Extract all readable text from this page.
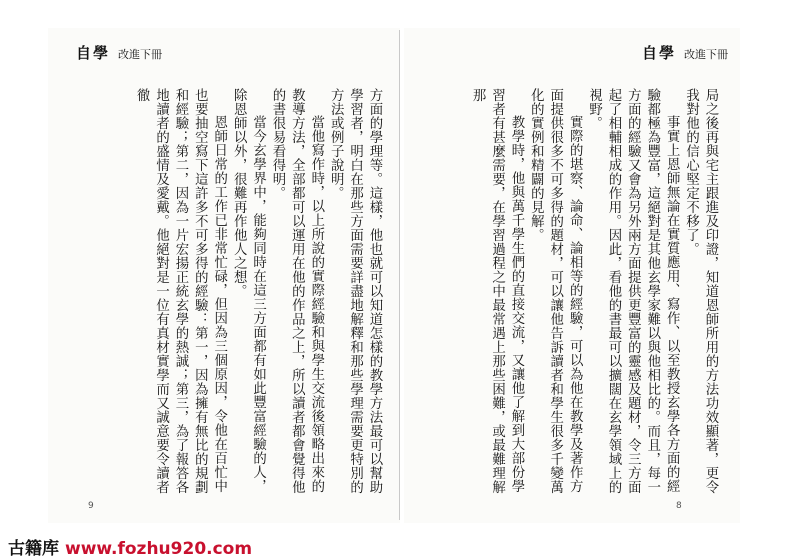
自學 改進下冊

方面的學理等。這樣，他也就可以知道怎樣的教學方法最可以幫助學習者，明白在那些方面需要詳盡地解釋和那些學理需要更特別的方法或例子說明。

當他寫作時，以上所說的實際經驗和與學生交流後領略出來的教導方法，全部都可以運用在他的作品之上，所以讀者都會覺得他的書很易看得明。

當今玄學界中，能夠同時在這三方面都有如此豐富經驗的人，除恩師以外，很難再作他人之想。

恩師日常的工作已非常忙碌，但因為三個原因，令他在百忙中也要抽空寫下這許多不可多得的經驗：第一，因為擁有無比的規劃和經驗；第二，因為一片宏揚正統玄學的熱誠；第三，為了報答各地讀者的盛情及愛戴。他絕對是一位有真材實學而又誠意要令讀者徹

9
自學 改進下冊

局之後再與宅主跟進及印證，知道恩師所用的方法功效顯著，更令我對他的信心堅定不移了。

事實上恩師無論在實質應用、寫作、以至教授玄學各方面的經驗都極為豐富，這絕對是其他玄學家難以與他相比的。而且，每一方面的經驗又會為另外兩方面提供更豐富的靈感及題材，令三方面起了相輔相成的作用。因此，看他的書最可以擴闊在玄學領域上的視野。

實際的堪察、論命、論相等的經驗，可以為他在教學及著作方面提供很多不可多得的題材，可以讓他告訴讀者和學生很多千變萬化的實例和精闢的見解。

教學時，他與萬千學生們的直接交流，又讓他了解到大部份學習者有甚麼需要，在學習過程之中最常遇上那些困難，或最難理解那

8
古籍库 www.fozhu920.com
